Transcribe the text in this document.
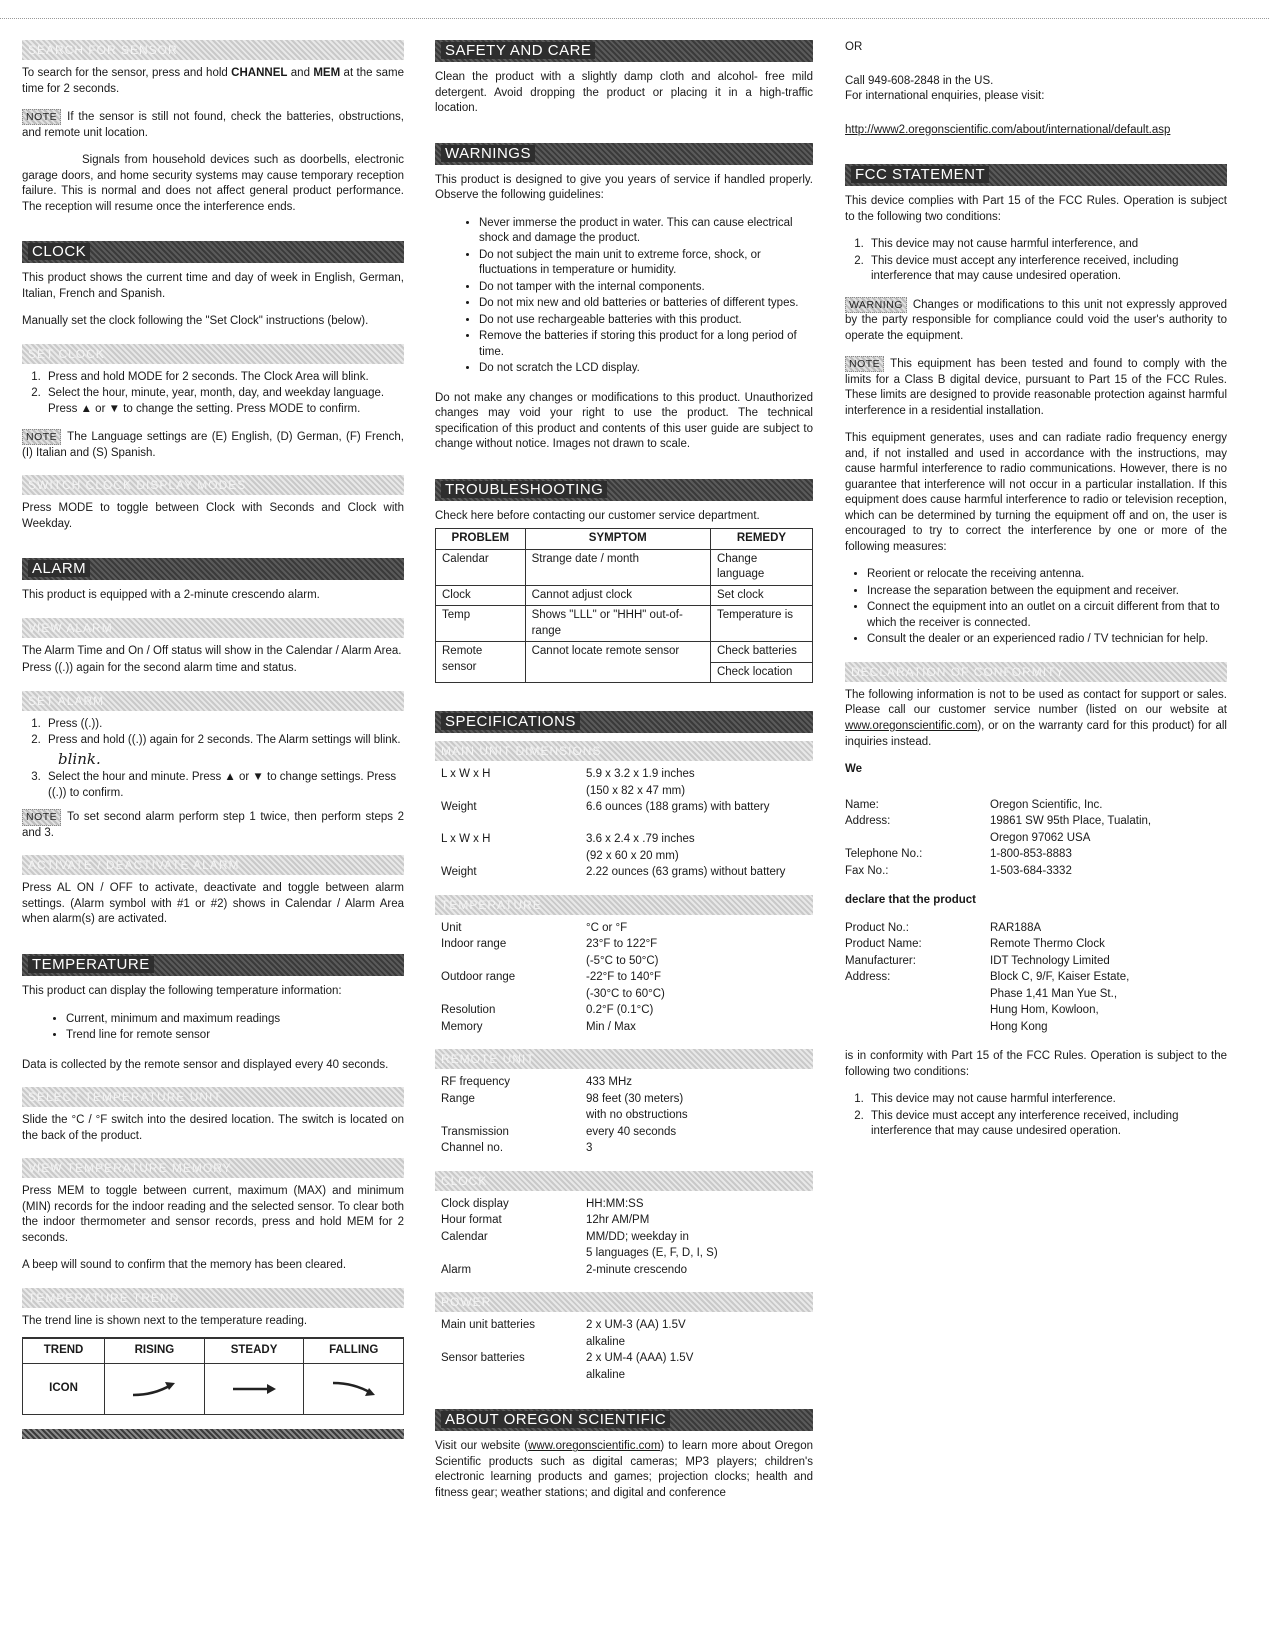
SEARCH FOR SENSOR

To search for the sensor, press and hold CHANNEL and MEM at the same time for 2 seconds.

NOTE If the sensor is still not found, check the batteries, obstructions, and remote unit location.

Signals from household devices such as doorbells, electronic garage doors, and home security systems may cause temporary reception failure. This is normal and does not affect general product performance. The reception will resume once the interference ends.

CLOCK

This product shows the current time and day of week in English, German, Italian, French and Spanish.

Manually set the clock following the "Set Clock" instructions (below).

SET CLOCK
1. Press and hold MODE for 2 seconds. The Clock Area will blink.
2. Select the hour, minute, year, month, day, and weekday language. Press ▲ or ▼ to change the setting. Press MODE to confirm.

NOTE The Language settings are (E) English, (D) German, (F) French, (I) Italian and (S) Spanish.

SWITCH CLOCK DISPLAY MODES

Press MODE to toggle between Clock with Seconds and Clock with Weekday.

ALARM

This product is equipped with a 2-minute crescendo alarm.

VIEW ALARM

The Alarm Time and On / Off status will show in the Calendar / Alarm Area.

Press ((.)) again for the second alarm time and status.

SET ALARM
1. Press ((.)).
2. Press and hold ((.)) again for 2 seconds. The Alarm settings will blink.
blink.
3. Select the hour and minute. Press ▲ or ▼ to change settings. Press ((.)) to confirm.

NOTE To set second alarm perform step 1 twice, then perform steps 2 and 3.

ACTIVATE / DEACTIVATE ALARM

Press AL ON / OFF to activate, deactivate and toggle between alarm settings. (Alarm symbol with #1 or #2) shows in Calendar / Alarm Area when alarm(s) are activated.

TEMPERATURE

This product can display the following temperature information:

• Current, minimum and maximum readings
• Trend line for remote sensor

Data is collected by the remote sensor and displayed every 40 seconds.

SELECT TEMPERATURE UNIT

Slide the °C / °F switch into the desired location. The switch is located on the back of the product.

VIEW TEMPERATURE MEMORY

Press MEM to toggle between current, maximum (MAX) and minimum (MIN) records for the indoor reading and the selected sensor. To clear both the indoor thermometer and sensor records, press and hold MEM for 2 seconds.

A beep will sound to confirm that the memory has been cleared.

TEMPERATURE TREND

The trend line is shown next to the temperature reading.

TREND	RISING	STEADY	FALLING
ICON			
SAFETY AND CARE

Clean the product with a slightly damp cloth and alcohol- free mild detergent. Avoid dropping the product or placing it in a high-traffic location.

WARNINGS

This product is designed to give you years of service if handled properly. Observe the following guidelines:

• Never immerse the product in water. This can cause electrical shock and damage the product.
• Do not subject the main unit to extreme force, shock, or fluctuations in temperature or humidity.
• Do not tamper with the internal components.
• Do not mix new and old batteries or batteries of different types.
• Do not use rechargeable batteries with this product.
• Remove the batteries if storing this product for a long period of time.
• Do not scratch the LCD display.

Do not make any changes or modifications to this product. Unauthorized changes may void your right to use the product. The technical specification of this product and contents of this user guide are subject to change without notice. Images not drawn to scale.

TROUBLESHOOTING

Check here before contacting our customer service department.

PROBLEM	SYMPTOM	REMEDY
Calendar	Strange date / month	Change language
Clock	Cannot adjust clock	Set clock
Temp	Shows "LLL" or "HHH" out-of-range	Temperature is
Remote sensor	Cannot locate remote sensor	Check batteries
		Check location
SPECIFICATIONS
MAIN UNIT DIMENSIONS
L x W x H	5.9 x 3.2 x 1.9 inches
(150 x 82 x 47 mm)
Weight	6.6 ounces (188 grams) with battery
L x W x H	3.6 x 2.4 x .79 inches
(92 x 60 x 20 mm)
Weight	2.22 ounces (63 grams) without battery
TEMPERATURE
Unit	°C or °F
Indoor range	23°F to 122°F
(-5°C to 50°C)
Outdoor range	-22°F to 140°F
(-30°C to 60°C)
Resolution	0.2°F (0.1°C)
Memory	Min / Max
REMOTE UNIT
RF frequency	433 MHz
Range	98 feet (30 meters)
with no obstructions
Transmission	every 40 seconds
Channel no.	3
CLOCK
Clock display	HH:MM:SS
Hour format	12hr AM/PM
Calendar	MM/DD; weekday in
5 languages (E, F, D, I, S)
Alarm	2-minute crescendo
POWER
Main unit batteries	2 x UM-3 (AA) 1.5V
alkaline
Sensor batteries	2 x UM-4 (AAA) 1.5V
alkaline
ABOUT OREGON SCIENTIFIC

Visit our website (www.oregonscientific.com) to learn more about Oregon Scientific products such as digital cameras; MP3 players; children's electronic learning products and games; projection clocks; health and fitness gear; weather stations; and digital and conference

OR

Call 949-608-2848 in the US.
For international enquiries, please visit:

http://www2.oregonscientific.com/about/international/default.asp

FCC STATEMENT

This device complies with Part 15 of the FCC Rules. Operation is subject to the following two conditions:

1. This device may not cause harmful interference, and
2. This device must accept any interference received, including interference that may cause undesired operation.

WARNING Changes or modifications to this unit not expressly approved by the party responsible for compliance could void the user's authority to operate the equipment.

NOTE This equipment has been tested and found to comply with the limits for a Class B digital device, pursuant to Part 15 of the FCC Rules. These limits are designed to provide reasonable protection against harmful interference in a residential installation.

This equipment generates, uses and can radiate radio frequency energy and, if not installed and used in accordance with the instructions, may cause harmful interference to radio communications. However, there is no guarantee that interference will not occur in a particular installation. If this equipment does cause harmful interference to radio or television reception, which can be determined by turning the equipment off and on, the user is encouraged to try to correct the interference by one or more of the following measures:

• Reorient or relocate the receiving antenna.
• Increase the separation between the equipment and receiver.
• Connect the equipment into an outlet on a circuit different from that to which the receiver is connected.
• Consult the dealer or an experienced radio / TV technician for help.
DECLARATION OF CONFORMITY

The following information is not to be used as contact for support or sales. Please call our customer service number (listed on our website at www.oregonscientific.com), or on the warranty card for this product) for all inquiries instead.

We

Name:	Oregon Scientific, Inc.
Address:	19861 SW 95th Place, Tualatin,
Oregon 97062 USA
Telephone No.:	1-800-853-8883
Fax No.:	1-503-684-3332

declare that the product

Product No.:	RAR188A
Product Name:	Remote Thermo Clock
Manufacturer:	IDT Technology Limited
Address:	Block C, 9/F, Kaiser Estate,
Phase 1,41 Man Yue St.,
Hung Hom, Kowloon,
Hong Kong

is in conformity with Part 15 of the FCC Rules. Operation is subject to the following two conditions:

1. This device may not cause harmful interference.
2. This device must accept any interference received, including interference that may cause undesired operation.
